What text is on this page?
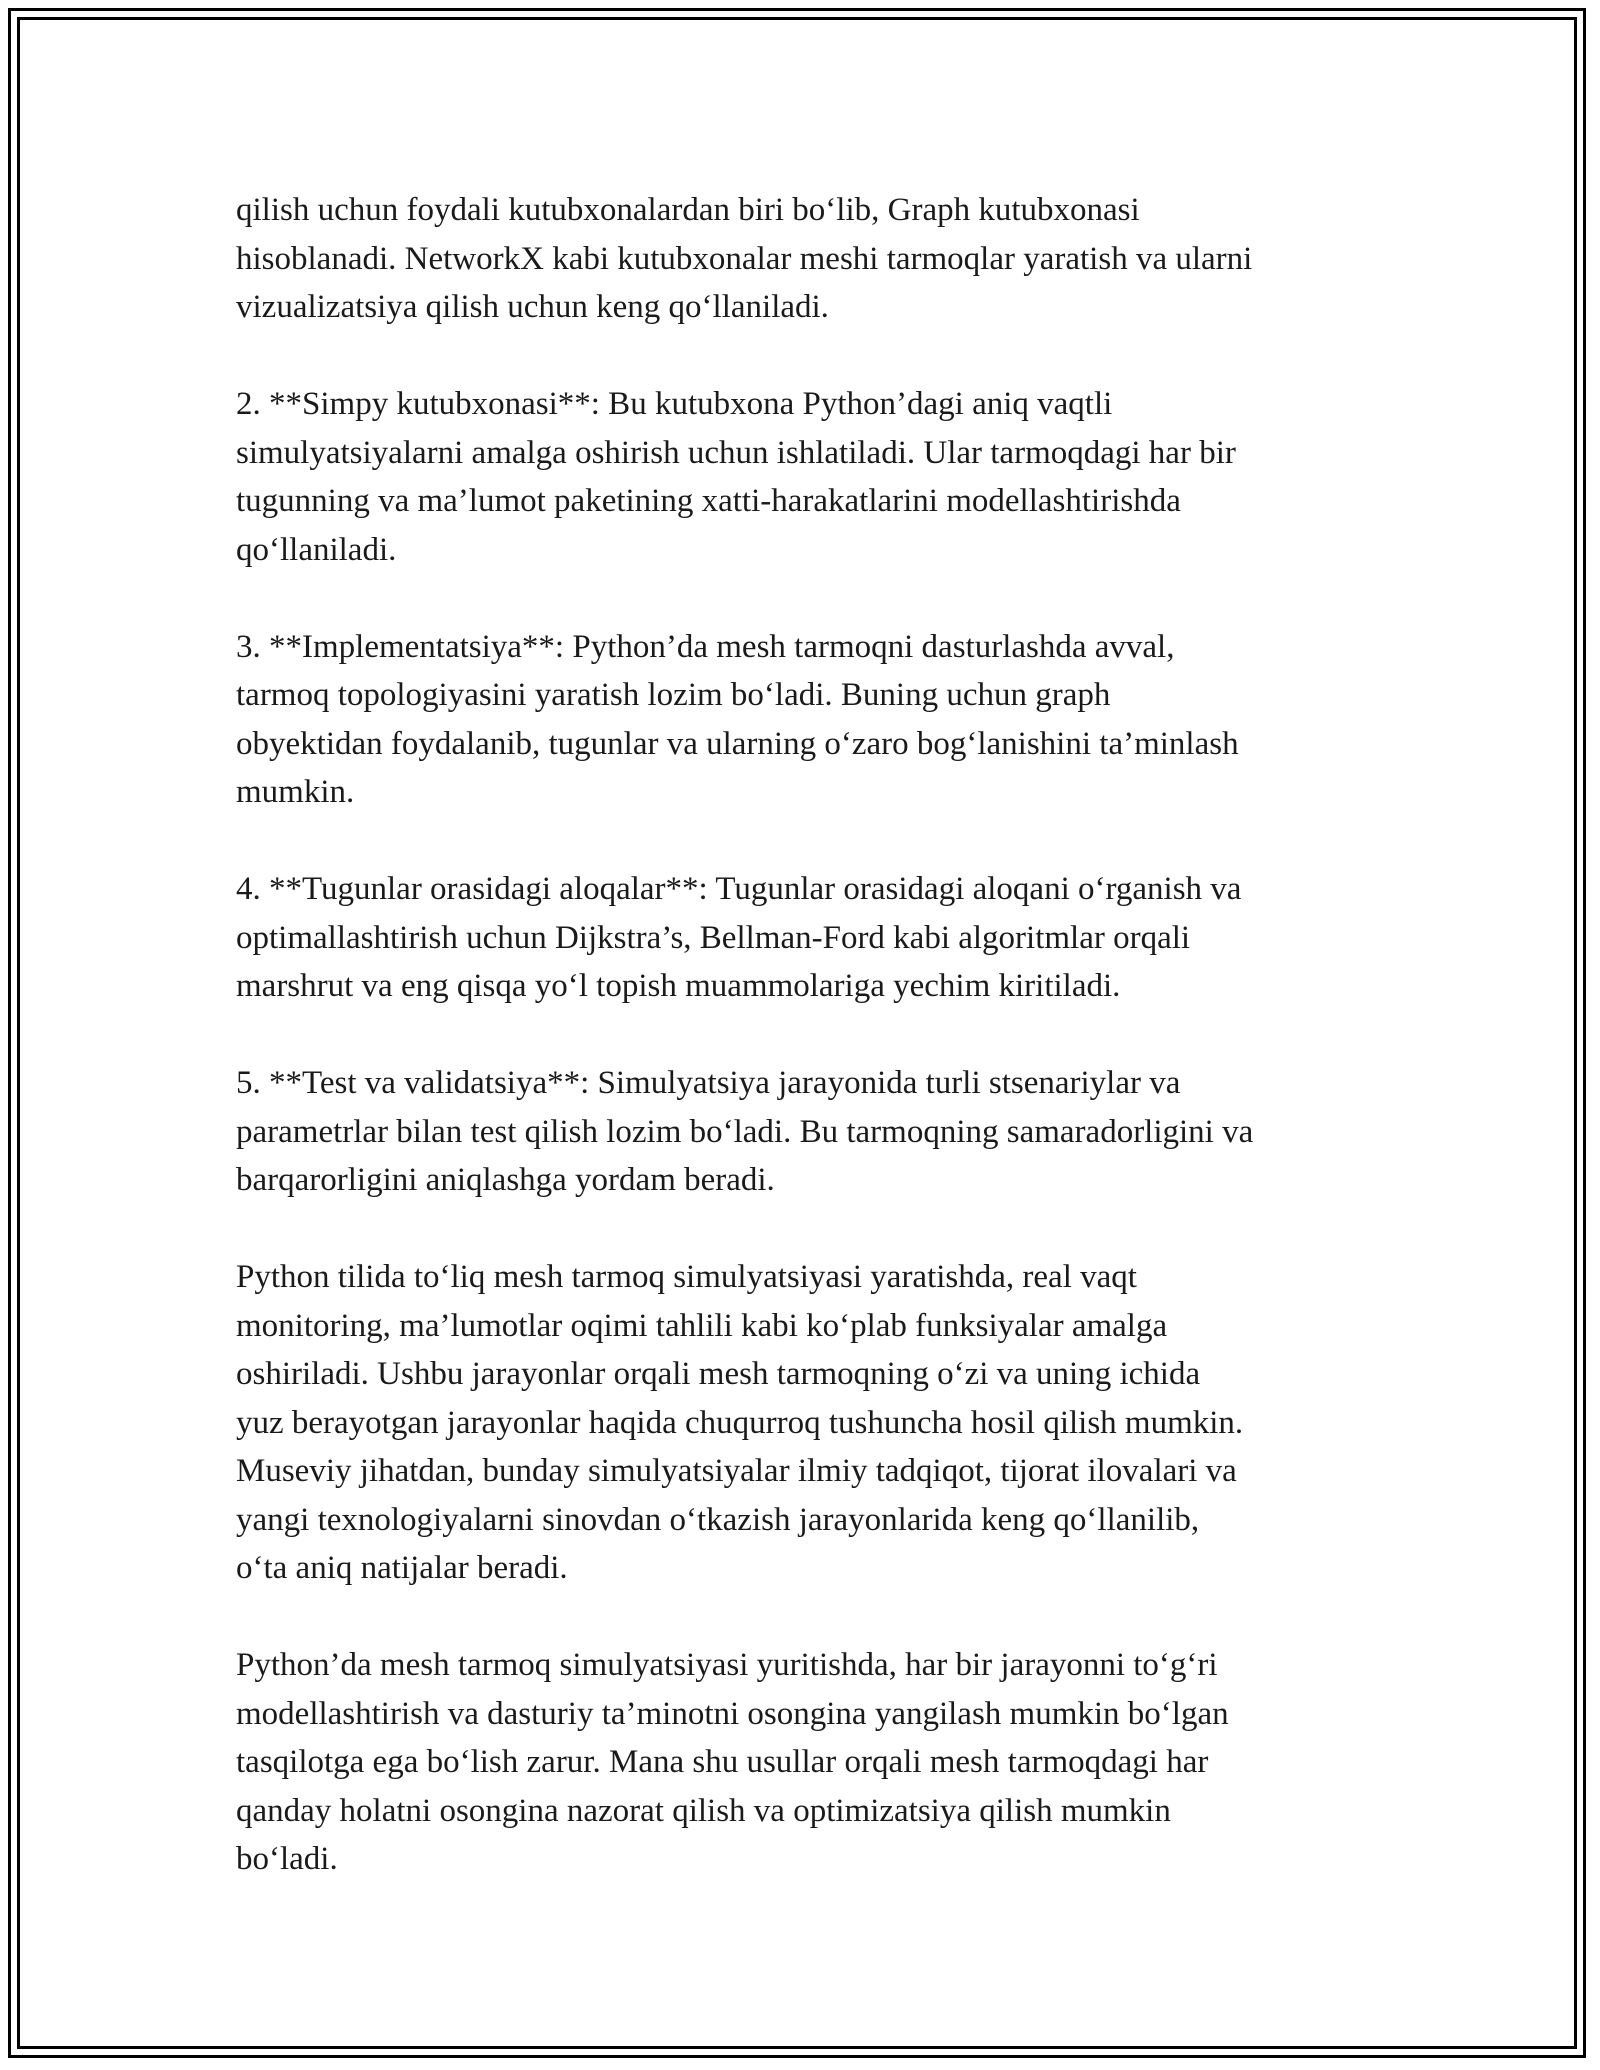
qilish uchun foydali kutubxonalardan biri bo‘lib, Graph kutubxonasi
hisoblanadi. NetworkX kabi kutubxonalar meshi tarmoqlar yaratish va ularni
vizualizatsiya qilish uchun keng qo‘llaniladi.

2. **Simpy kutubxonasi**: Bu kutubxona Python’dagi aniq vaqtli
simulyatsiyalarni amalga oshirish uchun ishlatiladi. Ular tarmoqdagi har bir
tugunning va ma’lumot paketining xatti-harakatlarini modellashtirishda
qo‘llaniladi.

3. **Implementatsiya**: Python’da mesh tarmoqni dasturlashda avval,
tarmoq topologiyasini yaratish lozim bo‘ladi. Buning uchun graph
obyektidan foydalanib, tugunlar va ularning o‘zaro bog‘lanishini ta’minlash
mumkin.

4. **Tugunlar orasidagi aloqalar**: Tugunlar orasidagi aloqani o‘rganish va
optimallashtirish uchun Dijkstra’s, Bellman-Ford kabi algoritmlar orqali
marshrut va eng qisqa yo‘l topish muammolariga yechim kiritiladi.

5. **Test va validatsiya**: Simulyatsiya jarayonida turli stsenariylar va
parametrlar bilan test qilish lozim bo‘ladi. Bu tarmoqning samaradorligini va
barqarorligini aniqlashga yordam beradi.

Python tilida to‘liq mesh tarmoq simulyatsiyasi yaratishda, real vaqt
monitoring, ma’lumotlar oqimi tahlili kabi ko‘plab funksiyalar amalga
oshiriladi. Ushbu jarayonlar orqali mesh tarmoqning o‘zi va uning ichida
yuz berayotgan jarayonlar haqida chuqurroq tushuncha hosil qilish mumkin.
Museviy jihatdan, bunday simulyatsiyalar ilmiy tadqiqot, tijorat ilovalari va
yangi texnologiyalarni sinovdan o‘tkazish jarayonlarida keng qo‘llanilib,
o‘ta aniq natijalar beradi.

Python’da mesh tarmoq simulyatsiyasi yuritishda, har bir jarayonni to‘g‘ri
modellashtirish va dasturiy ta’minotni osongina yangilash mumkin bo‘lgan
tasqilotga ega bo‘lish zarur. Mana shu usullar orqali mesh tarmoqdagi har
qanday holatni osongina nazorat qilish va optimizatsiya qilish mumkin
bo‘ladi.
